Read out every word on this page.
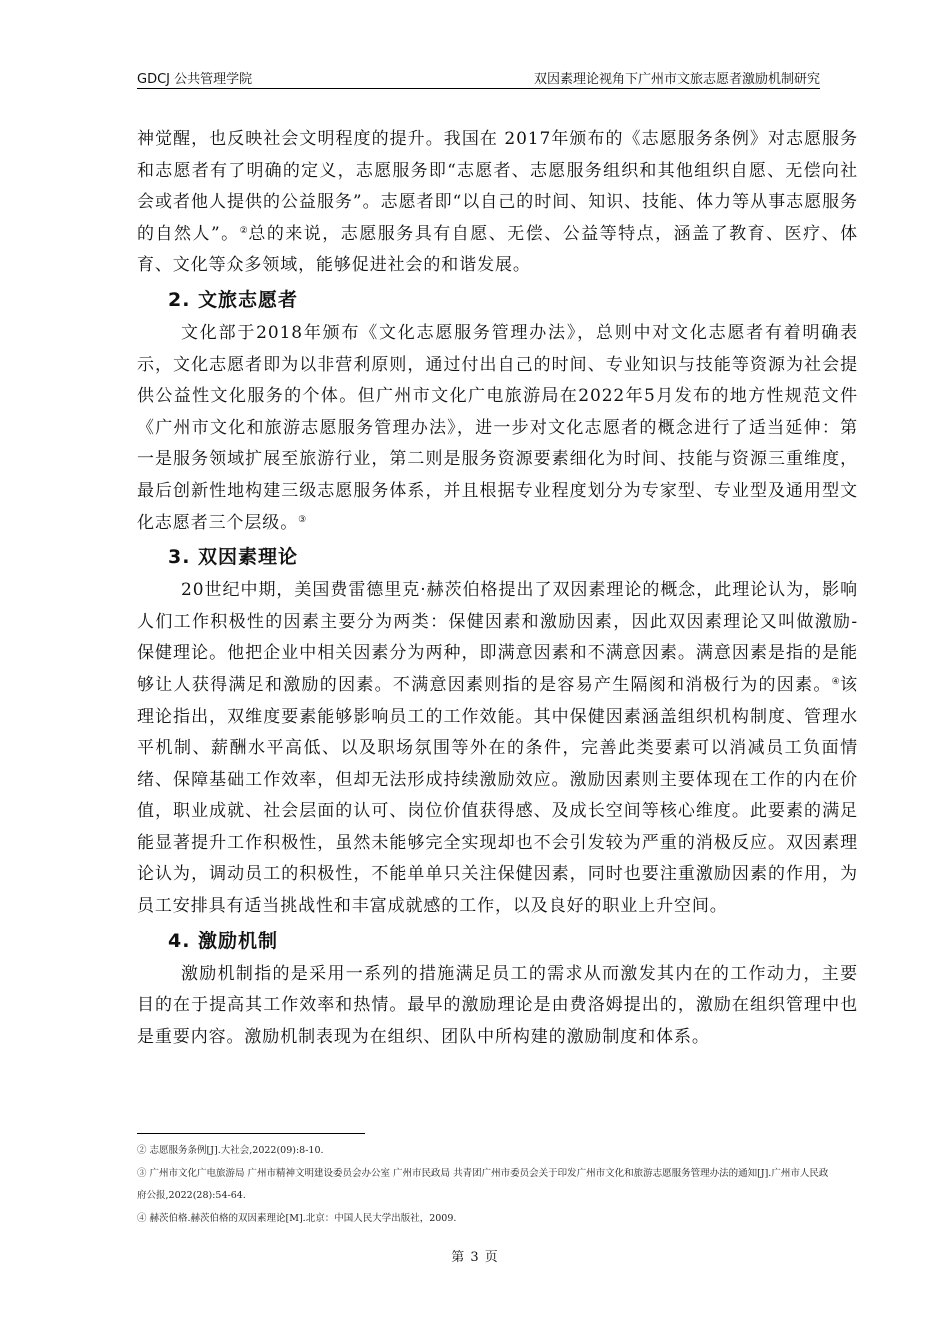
GDCJ 公共管理学院	双因素理论视角下广州市文旅志愿者激励机制研究

神觉醒，也反映社会文明程度的提升。我国在 2017年颁布的《志愿服务条例》对志愿服务和志愿者有了明确的定义，志愿服务即“志愿者、志愿服务组织和其他组织自愿、无偿向社会或者他人提供的公益服务”。志愿者即“以自己的时间、知识、技能、体力等从事志愿服务的自然人”。②总的来说，志愿服务具有自愿、无偿、公益等特点，涵盖了教育、医疗、体育、文化等众多领域，能够促进社会的和谐发展。

2. 文旅志愿者

文化部于2018年颁布《文化志愿服务管理办法》，总则中对文化志愿者有着明确表示，文化志愿者即为以非营利原则，通过付出自己的时间、专业知识与技能等资源为社会提供公益性文化服务的个体。但广州市文化广电旅游局在2022年5月发布的地方性规范文件《广州市文化和旅游志愿服务管理办法》，进一步对文化志愿者的概念进行了适当延伸：第一是服务领域扩展至旅游行业，第二则是服务资源要素细化为时间、技能与资源三重维度，最后创新性地构建三级志愿服务体系，并且根据专业程度划分为专家型、专业型及通用型文化志愿者三个层级。③

3. 双因素理论

20世纪中期，美国费雷德里克·赫茨伯格提出了双因素理论的概念，此理论认为，影响人们工作积极性的因素主要分为两类：保健因素和激励因素，因此双因素理论又叫做激励-保健理论。他把企业中相关因素分为两种，即满意因素和不满意因素。满意因素是指的是能够让人获得满足和激励的因素。不满意因素则指的是容易产生隔阂和消极行为的因素。④该理论指出，双维度要素能够影响员工的工作效能。其中保健因素涵盖组织机构制度、管理水平机制、薪酬水平高低、以及职场氛围等外在的条件，完善此类要素可以消减员工负面情绪、保障基础工作效率，但却无法形成持续激励效应。激励因素则主要体现在工作的内在价值，职业成就、社会层面的认可、岗位价值获得感、及成长空间等核心维度。此要素的满足能显著提升工作积极性，虽然未能够完全实现却也不会引发较为严重的消极反应。双因素理论认为，调动员工的积极性，不能单单只关注保健因素，同时也要注重激励因素的作用，为员工安排具有适当挑战性和丰富成就感的工作，以及良好的职业上升空间。

4. 激励机制

激励机制指的是采用一系列的措施满足员工的需求从而激发其内在的工作动力，主要目的在于提高其工作效率和热情。最早的激励理论是由费洛姆提出的，激励在组织管理中也是重要内容。激励机制表现为在组织、团队中所构建的激励制度和体系。

② 志愿服务条例[J].大社会,2022(09):8-10.

③ 广州市文化广电旅游局 广州市精神文明建设委员会办公室 广州市民政局 共青团广州市委员会关于印发广州市文化和旅游志愿服务管理办法的通知[J].广州市人民政府公报,2022(28):54-64.

④ 赫茨伯格.赫茨伯格的双因素理论[M].北京：中国人民大学出版社，2009.

第 3 页
